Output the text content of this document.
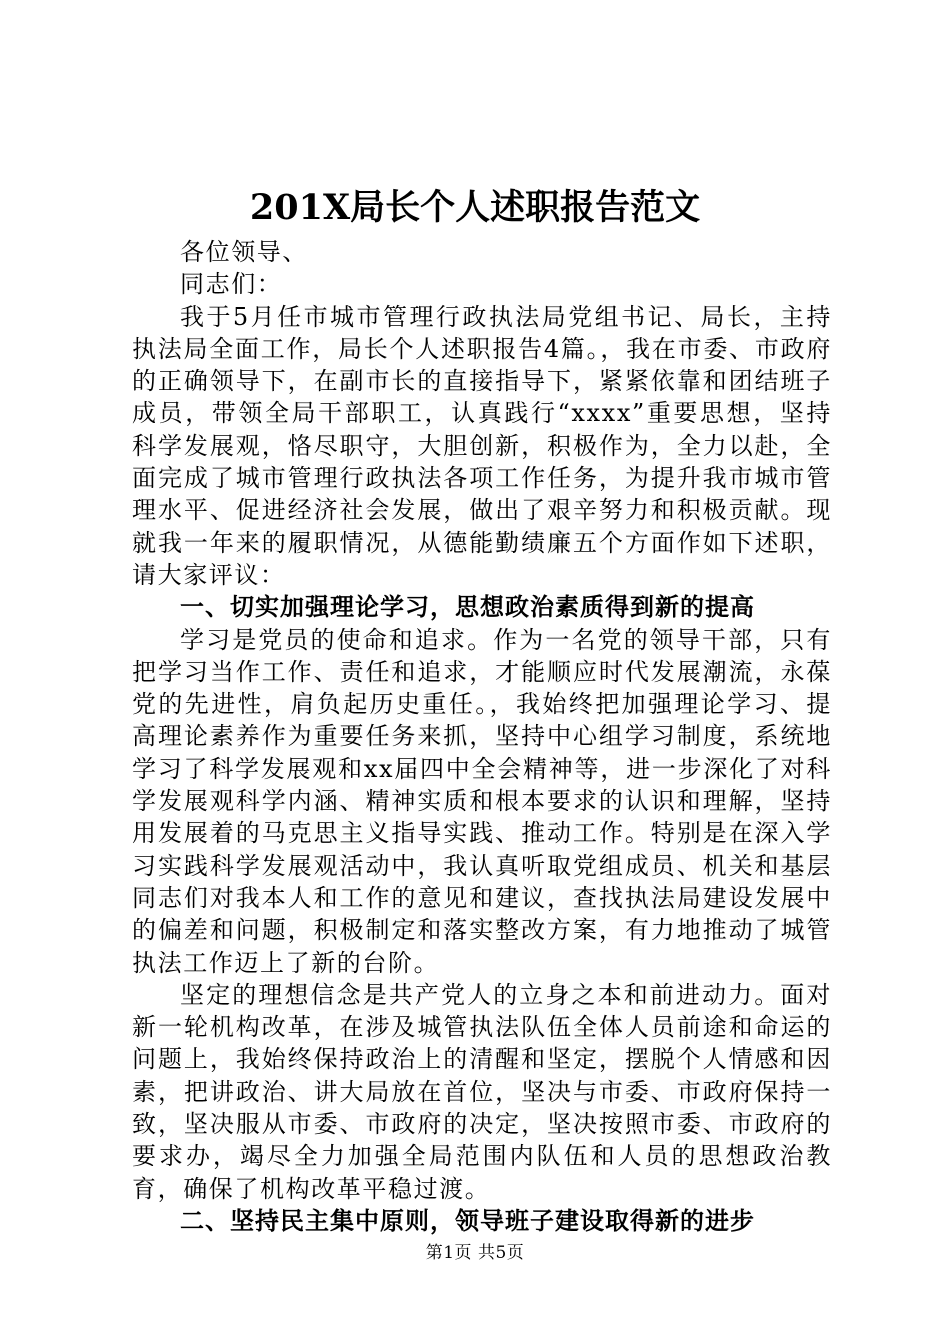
201X局长个人述职报告范文

各位领导、

同志们：

我于5月任市城市管理行政执法局党组书记、局长，主持执法局全面工作，局长个人述职报告4篇。，我在市委、市政府的正确领导下，在副市长的直接指导下，紧紧依靠和团结班子成员，带领全局干部职工，认真践行“xxxx”重要思想，坚持科学发展观，恪尽职守，大胆创新，积极作为，全力以赴，全面完成了城市管理行政执法各项工作任务，为提升我市城市管理水平、促进经济社会发展，做出了艰辛努力和积极贡献。现就我一年来的履职情况，从德能勤绩廉五个方面作如下述职，请大家评议：

一、切实加强理论学习，思想政治素质得到新的提高

学习是党员的使命和追求。作为一名党的领导干部，只有把学习当作工作、责任和追求，才能顺应时代发展潮流，永葆党的先进性，肩负起历史重任。，我始终把加强理论学习、提高理论素养作为重要任务来抓，坚持中心组学习制度，系统地学习了科学发展观和xx届四中全会精神等，进一步深化了对科学发展观科学内涵、精神实质和根本要求的认识和理解，坚持用发展着的马克思主义指导实践、推动工作。特别是在深入学习实践科学发展观活动中，我认真听取党组成员、机关和基层同志们对我本人和工作的意见和建议，查找执法局建设发展中的偏差和问题，积极制定和落实整改方案，有力地推动了城管执法工作迈上了新的台阶。

坚定的理想信念是共产党人的立身之本和前进动力。面对新一轮机构改革，在涉及城管执法队伍全体人员前途和命运的问题上，我始终保持政治上的清醒和坚定，摆脱个人情感和因素，把讲政治、讲大局放在首位，坚决与市委、市政府保持一致，坚决服从市委、市政府的决定，坚决按照市委、市政府的要求办，竭尽全力加强全局范围内队伍和人员的思想政治教育，确保了机构改革平稳过渡。

二、坚持民主集中原则，领导班子建设取得新的进步
第1页 共5页
